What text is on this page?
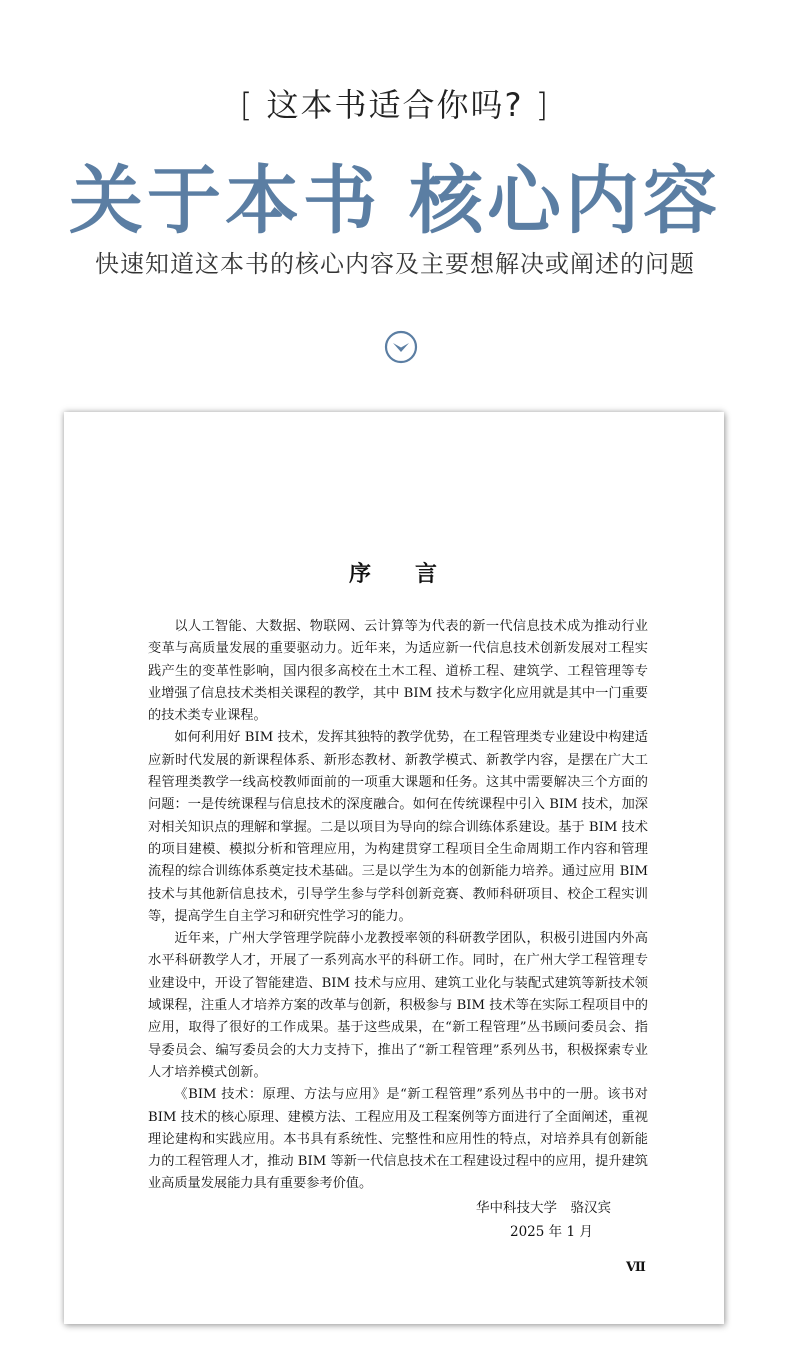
[ 这本书适合你吗? ]
关于本书 核心内容
快速知道这本书的核心内容及主要想解决或阐述的问题
序 言

以人工智能、大数据、物联网、云计算等为代表的新一代信息技术成为推动行业变革与高质量发展的重要驱动力。近年来，为适应新一代信息技术创新发展对工程实践产生的变革性影响，国内很多高校在土木工程、道桥工程、建筑学、工程管理等专业增强了信息技术类相关课程的教学，其中 BIM 技术与数字化应用就是其中一门重要的技术类专业课程。

如何利用好 BIM 技术，发挥其独特的教学优势，在工程管理类专业建设中构建适应新时代发展的新课程体系、新形态教材、新教学模式、新教学内容，是摆在广大工程管理类教学一线高校教师面前的一项重大课题和任务。这其中需要解决三个方面的问题：一是传统课程与信息技术的深度融合。如何在传统课程中引入 BIM 技术，加深对相关知识点的理解和掌握。二是以项目为导向的综合训练体系建设。基于 BIM 技术的项目建模、模拟分析和管理应用，为构建贯穿工程项目全生命周期工作内容和管理流程的综合训练体系奠定技术基础。三是以学生为本的创新能力培养。通过应用 BIM 技术与其他新信息技术，引导学生参与学科创新竞赛、教师科研项目、校企工程实训等，提高学生自主学习和研究性学习的能力。

近年来，广州大学管理学院薛小龙教授率领的科研教学团队，积极引进国内外高水平科研教学人才，开展了一系列高水平的科研工作。同时，在广州大学工程管理专业建设中，开设了智能建造、BIM 技术与应用、建筑工业化与装配式建筑等新技术领域课程，注重人才培养方案的改革与创新，积极参与 BIM 技术等在实际工程项目中的应用，取得了很好的工作成果。基于这些成果，在“新工程管理”丛书顾问委员会、指导委员会、编写委员会的大力支持下，推出了“新工程管理”系列丛书，积极探索专业人才培养模式创新。

《BIM 技术：原理、方法与应用》是“新工程管理”系列丛书中的一册。该书对 BIM 技术的核心原理、建模方法、工程应用及工程案例等方面进行了全面阐述，重视理论建构和实践应用。本书具有系统性、完整性和应用性的特点，对培养具有创新能力的工程管理人才，推动 BIM 等新一代信息技术在工程建设过程中的应用，提升建筑业高质量发展能力具有重要参考价值。

华中科技大学　骆汉宾
2025 年 1 月
Ⅶ
